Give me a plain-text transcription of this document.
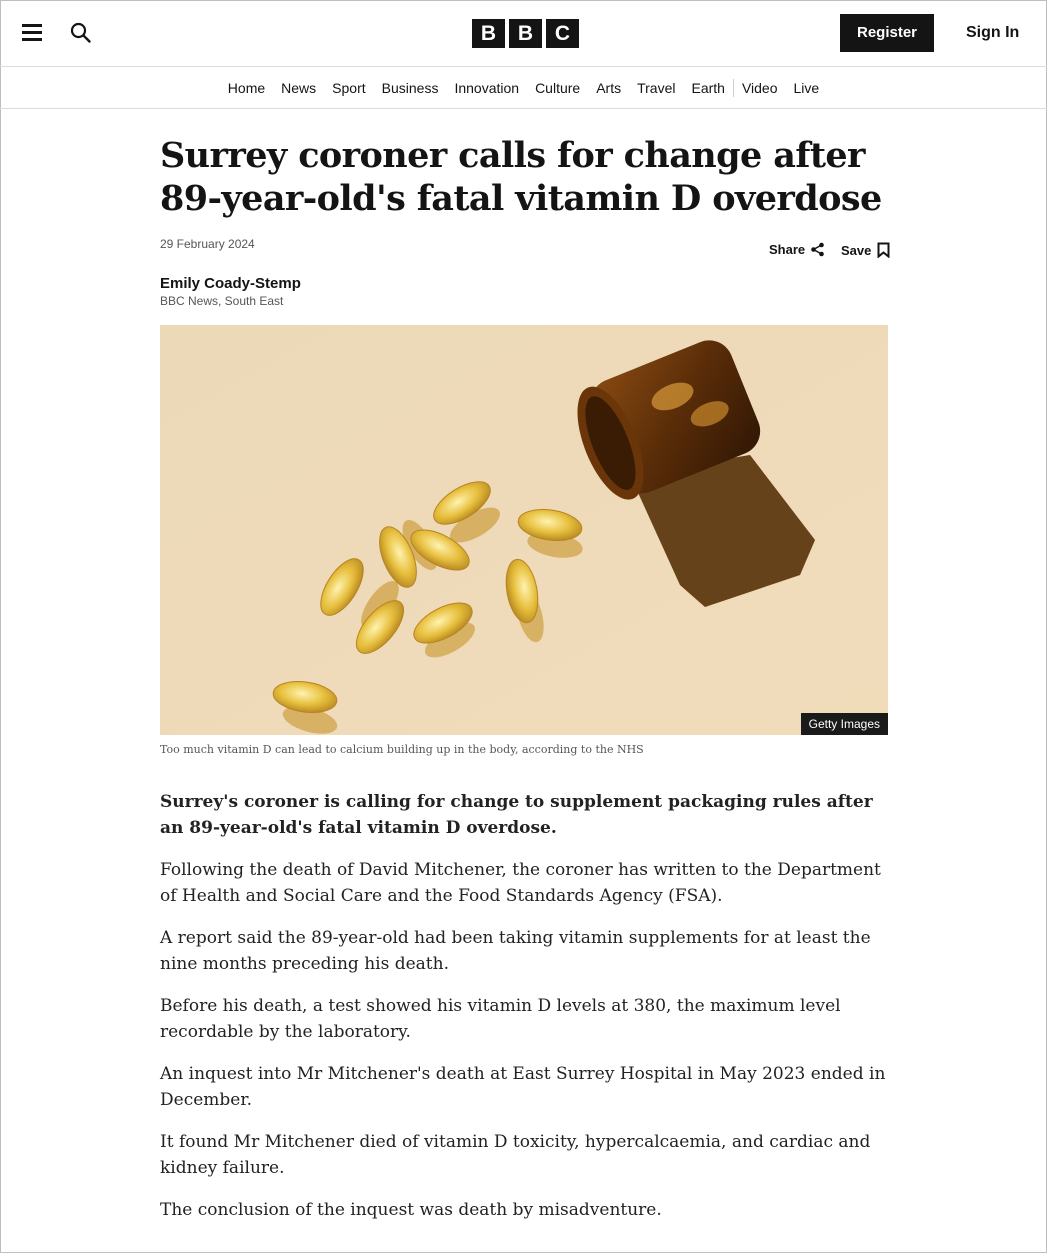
B	B	C	Register	Sign In
Home	News	Sport	Business	Innovation	Culture	Arts	Travel	Earth	Video	Live
Surrey coroner calls for change after 89-year-old's fatal vitamin D overdose
29 February 2024	Share	Save
Emily Coady-Stemp
BBC News, South East
Getty Images
Too much vitamin D can lead to calcium building up in the body, according to the NHS

Surrey's coroner is calling for change to supplement packaging rules after an 89-year-old's fatal vitamin D overdose.

Following the death of David Mitchener, the coroner has written to the Department of Health and Social Care and the Food Standards Agency (FSA).

A report said the 89-year-old had been taking vitamin supplements for at least the nine months preceding his death.

Before his death, a test showed his vitamin D levels at 380, the maximum level recordable by the laboratory.

An inquest into Mr Mitchener's death at East Surrey Hospital in May 2023 ended in December.

It found Mr Mitchener died of vitamin D toxicity, hypercalcaemia, and cardiac and kidney failure.

The conclusion of the inquest was death by misadventure.
